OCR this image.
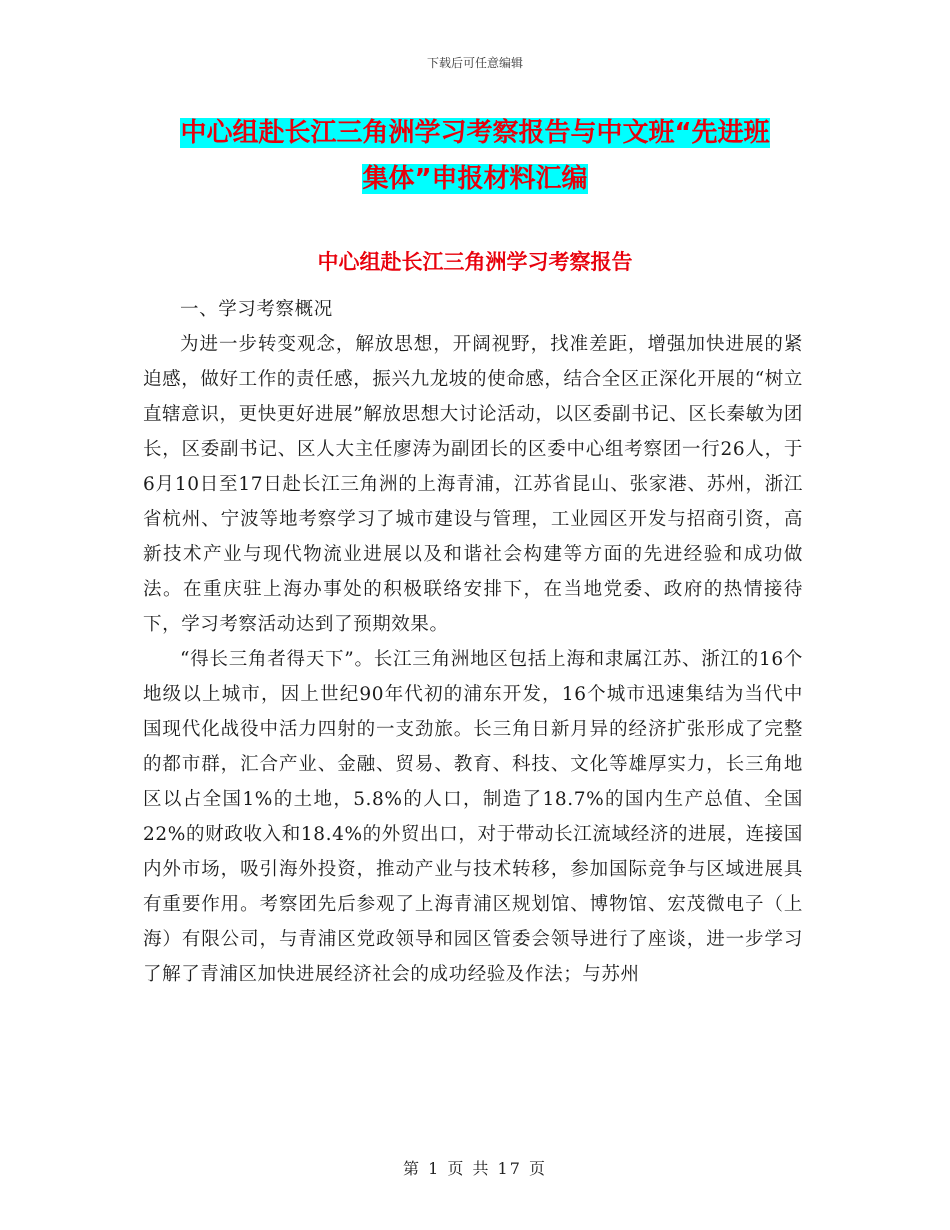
下载后可任意编辑
中心组赴长江三角洲学习考察报告与中文班“先进班
集体”申报材料汇编
中心组赴长江三角洲学习考察报告

一、学习考察概况

为进一步转变观念，解放思想，开阔视野，找准差距，增强加快进展的紧迫感，做好工作的责任感，振兴九龙坡的使命感，结合全区正深化开展的“树立直辖意识，更快更好进展”解放思想大讨论活动，以区委副书记、区长秦敏为团长，区委副书记、区人大主任廖涛为副团长的区委中心组考察团一行26人，于6月10日至17日赴长江三角洲的上海青浦，江苏省昆山、张家港、苏州，浙江省杭州、宁波等地考察学习了城市建设与管理，工业园区开发与招商引资，高新技术产业与现代物流业进展以及和谐社会构建等方面的先进经验和成功做法。在重庆驻上海办事处的积极联络安排下，在当地党委、政府的热情接待下，学习考察活动达到了预期效果。

“得长三角者得天下”。长江三角洲地区包括上海和隶属江苏、浙江的16个地级以上城市，因上世纪90年代初的浦东开发，16个城市迅速集结为当代中国现代化战役中活力四射的一支劲旅。长三角日新月异的经济扩张形成了完整的都市群，汇合产业、金融、贸易、教育、科技、文化等雄厚实力，长三角地区以占全国1%的土地，5.8%的人口，制造了18.7%的国内生产总值、全国22%的财政收入和18.4%的外贸出口，对于带动长江流域经济的进展，连接国内外市场，吸引海外投资，推动产业与技术转移，参加国际竞争与区域进展具有重要作用。考察团先后参观了上海青浦区规划馆、博物馆、宏茂微电子（上海）有限公司，与青浦区党政领导和园区管委会领导进行了座谈，进一步学习了解了青浦区加快进展经济社会的成功经验及作法；与苏州

第 1 页 共 17 页
